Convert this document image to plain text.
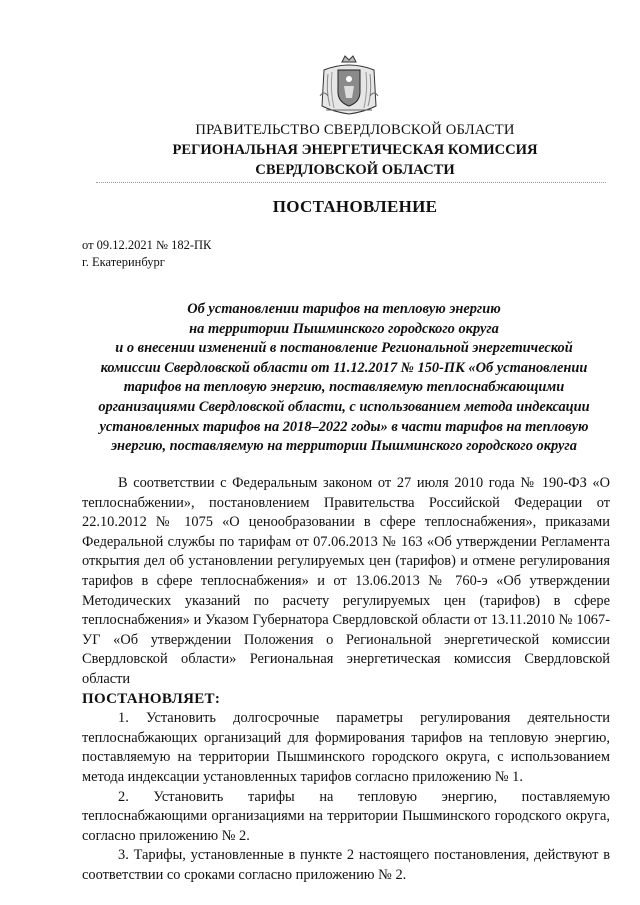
ПРАВИТЕЛЬСТВО СВЕРДЛОВСКОЙ ОБЛАСТИ
РЕГИОНАЛЬНАЯ ЭНЕРГЕТИЧЕСКАЯ КОМИССИЯ
СВЕРДЛОВСКОЙ ОБЛАСТИ
ПОСТАНОВЛЕНИЕ
от 09.12.2021 № 182-ПК
г. Екатеринбург
Об установлении тарифов на тепловую энергию
на территории Пышминского городского округа
и о внесении изменений в постановление Региональной энергетической
комиссии Свердловской области от 11.12.2017 № 150-ПК «Об установлении
тарифов на тепловую энергию, поставляемую теплоснабжающими
организациями Свердловской области, с использованием метода индексации
установленных тарифов на 2018–2022 годы» в части тарифов на тепловую
энергию, поставляемую на территории Пышминского городского округа

В соответствии с Федеральным законом от 27 июля 2010 года № 190-ФЗ «О теплоснабжении», постановлением Правительства Российской Федерации от 22.10.2012 № 1075 «О ценообразовании в сфере теплоснабжения», приказами Федеральной службы по тарифам от 07.06.2013 № 163 «Об утверждении Регламента открытия дел об установлении регулируемых цен (тарифов) и отмене регулирования тарифов в сфере теплоснабжения» и от 13.06.2013 № 760-э «Об утверждении Методических указаний по расчету регулируемых цен (тарифов) в сфере теплоснабжения» и Указом Губернатора Свердловской области от 13.11.2010 № 1067-УГ «Об утверждении Положения о Региональной энергетической комиссии Свердловской области» Региональная энергетическая комиссия Свердловской области

ПОСТАНОВЛЯЕТ:

1. Установить долгосрочные параметры регулирования деятельности теплоснабжающих организаций для формирования тарифов на тепловую энергию, поставляемую на территории Пышминского городского округа, с использованием метода индексации установленных тарифов согласно приложению № 1.

2. Установить тарифы на тепловую энергию, поставляемую теплоснабжающими организациями на территории Пышминского городского округа, согласно приложению № 2.

3. Тарифы, установленные в пункте 2 настоящего постановления, действуют в соответствии со сроками согласно приложению № 2.
